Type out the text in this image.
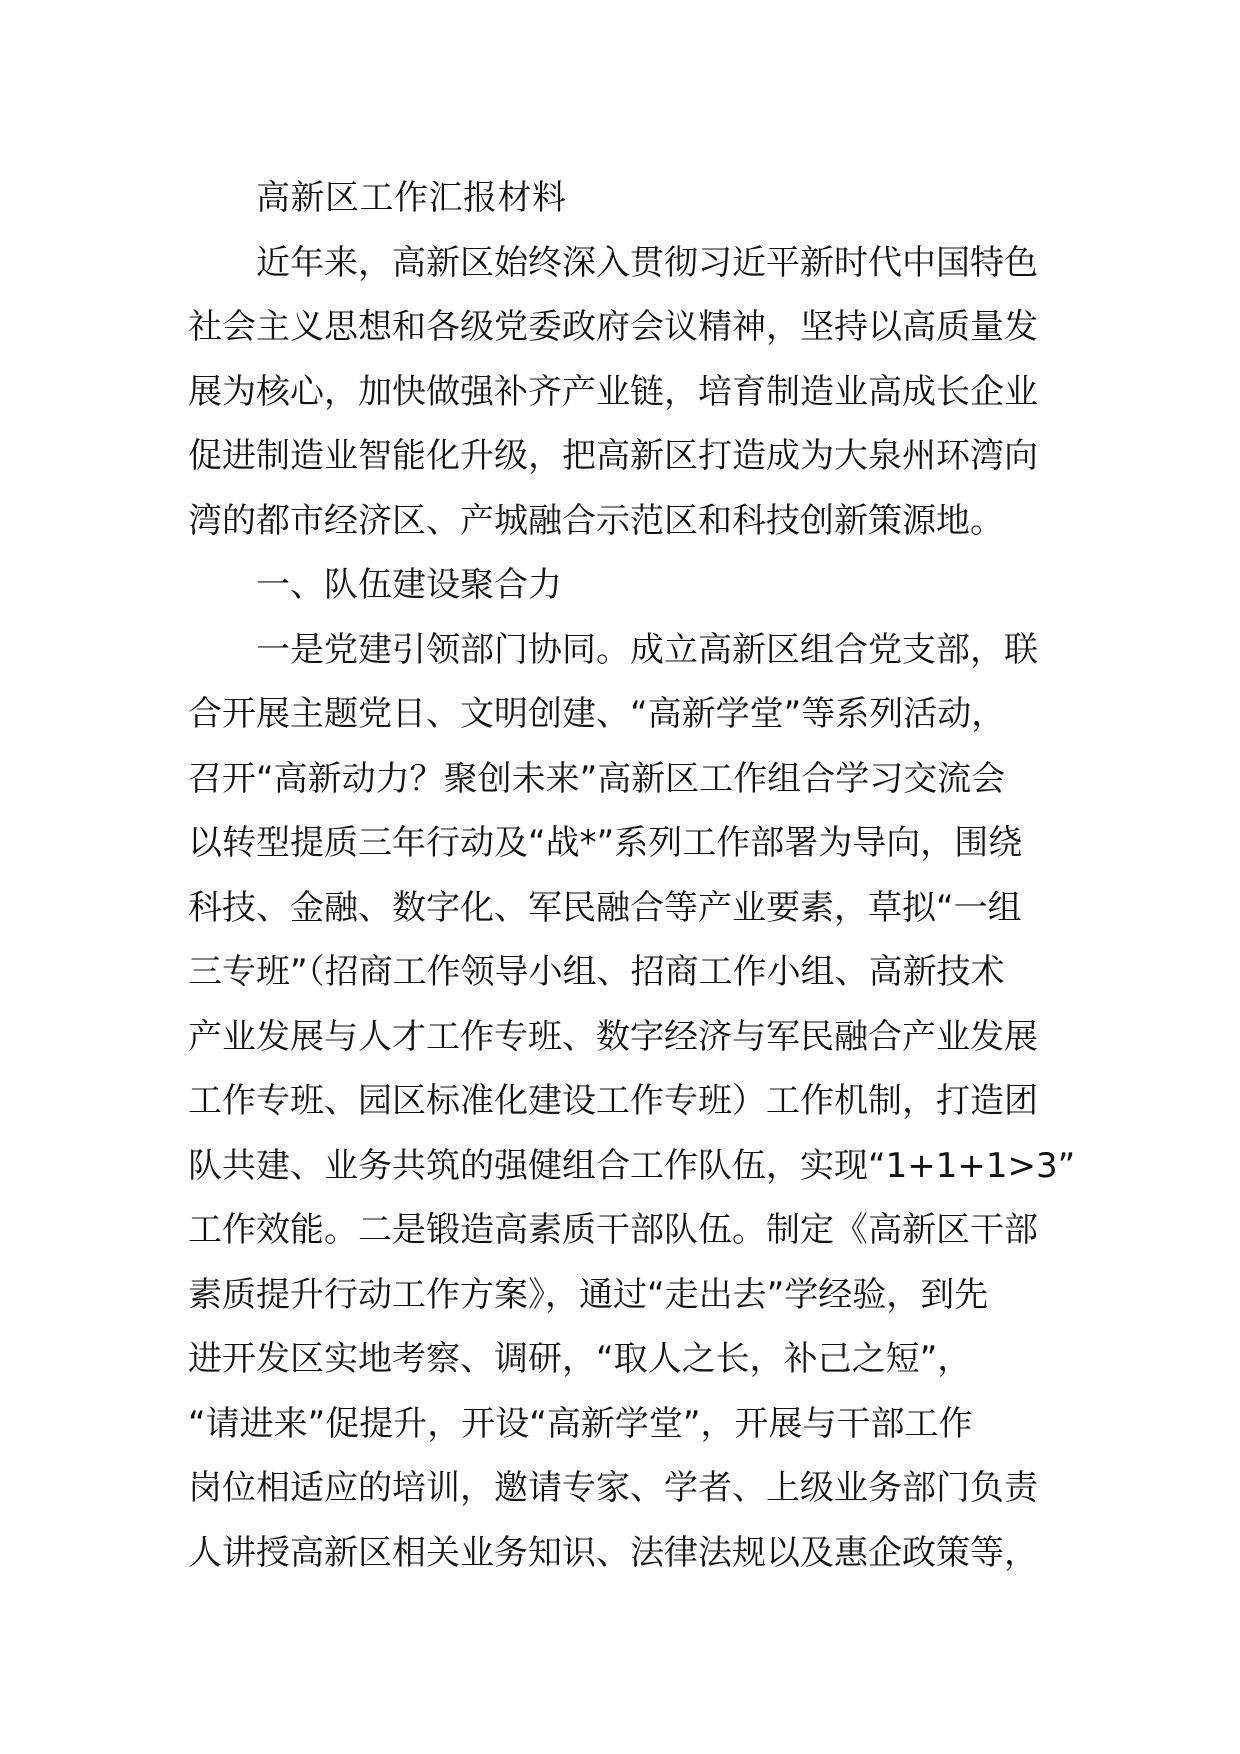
高新区工作汇报材料
近年来，高新区始终深入贯彻习近平新时代中国特色
社会主义思想和各级党委政府会议精神，坚持以高质量发
展为核心，加快做强补齐产业链，培育制造业高成长企业
促进制造业智能化升级，把高新区打造成为大泉州环湾向
湾的都市经济区、产城融合示范区和科技创新策源地。
一、队伍建设聚合力
一是党建引领部门协同。成立高新区组合党支部，联
合开展主题党日、文明创建、“高新学堂”等系列活动，
召开“高新动力？聚创未来”高新区工作组合学习交流会
以转型提质三年行动及“战*”系列工作部署为导向，围绕
科技、金融、数字化、军民融合等产业要素，草拟“一组
三专班”（招商工作领导小组、招商工作小组、高新技术
产业发展与人才工作专班、数字经济与军民融合产业发展
工作专班、园区标准化建设工作专班）工作机制，打造团
队共建、业务共筑的强健组合工作队伍，实现“1+1+1>3”
工作效能。二是锻造高素质干部队伍。制定《高新区干部
素质提升行动工作方案》，通过“走出去”学经验，到先
进开发区实地考察、调研，“取人之长，补己之短”，
“请进来”促提升，开设“高新学堂”，开展与干部工作
岗位相适应的培训，邀请专家、学者、上级业务部门负责
人讲授高新区相关业务知识、法律法规以及惠企政策等，
